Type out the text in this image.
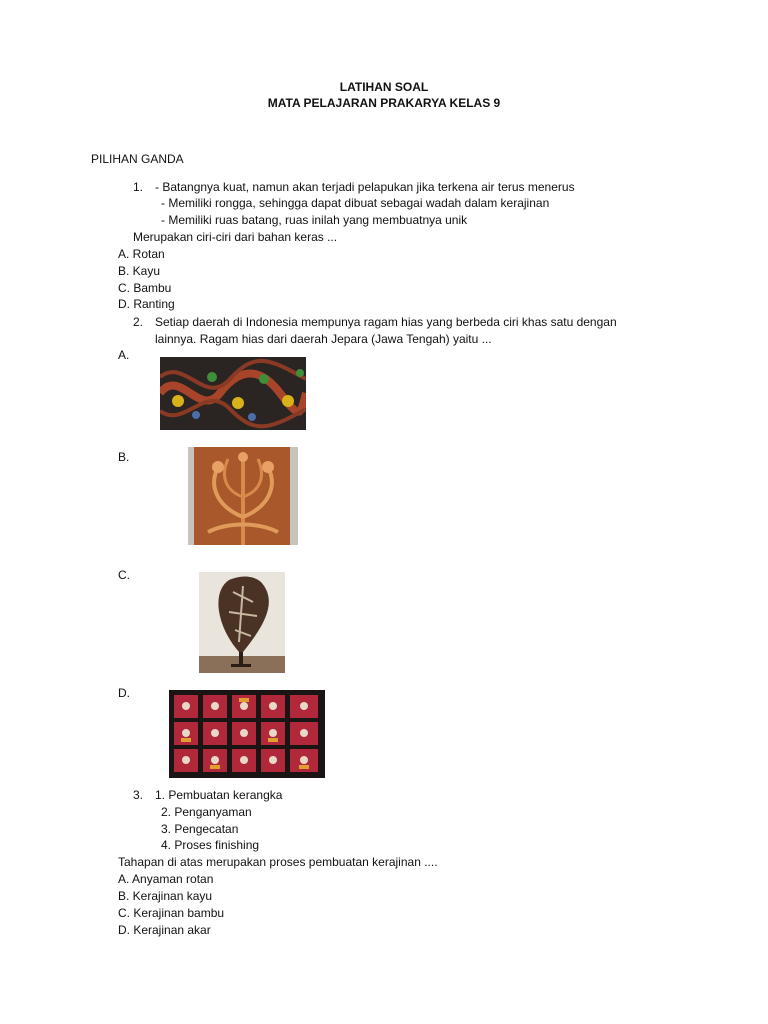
LATIHAN SOAL
MATA PELAJARAN PRAKARYA KELAS 9
PILIHAN GANDA
1. - Batangnya kuat, namun akan terjadi pelapukan jika terkena air terus menerus
- Memiliki rongga, sehingga dapat dibuat sebagai wadah dalam kerajinan
- Memiliki ruas batang, ruas inilah yang membuatnya unik
Merupakan ciri-ciri dari bahan keras ...
A. Rotan
B. Kayu
C. Bambu
D. Ranting
2. Setiap daerah di Indonesia mempunya ragam hias yang berbeda ciri khas satu dengan
lainnya. Ragam hias dari daerah Jepara (Jawa Tengah) yaitu ...
A.
B.
C.
D.
3. 1. Pembuatan kerangka
2. Penganyaman
3. Pengecatan
4. Proses finishing
Tahapan di atas merupakan proses pembuatan kerajinan ....
A. Anyaman rotan
B. Kerajinan kayu
C. Kerajinan bambu
D. Kerajinan akar
